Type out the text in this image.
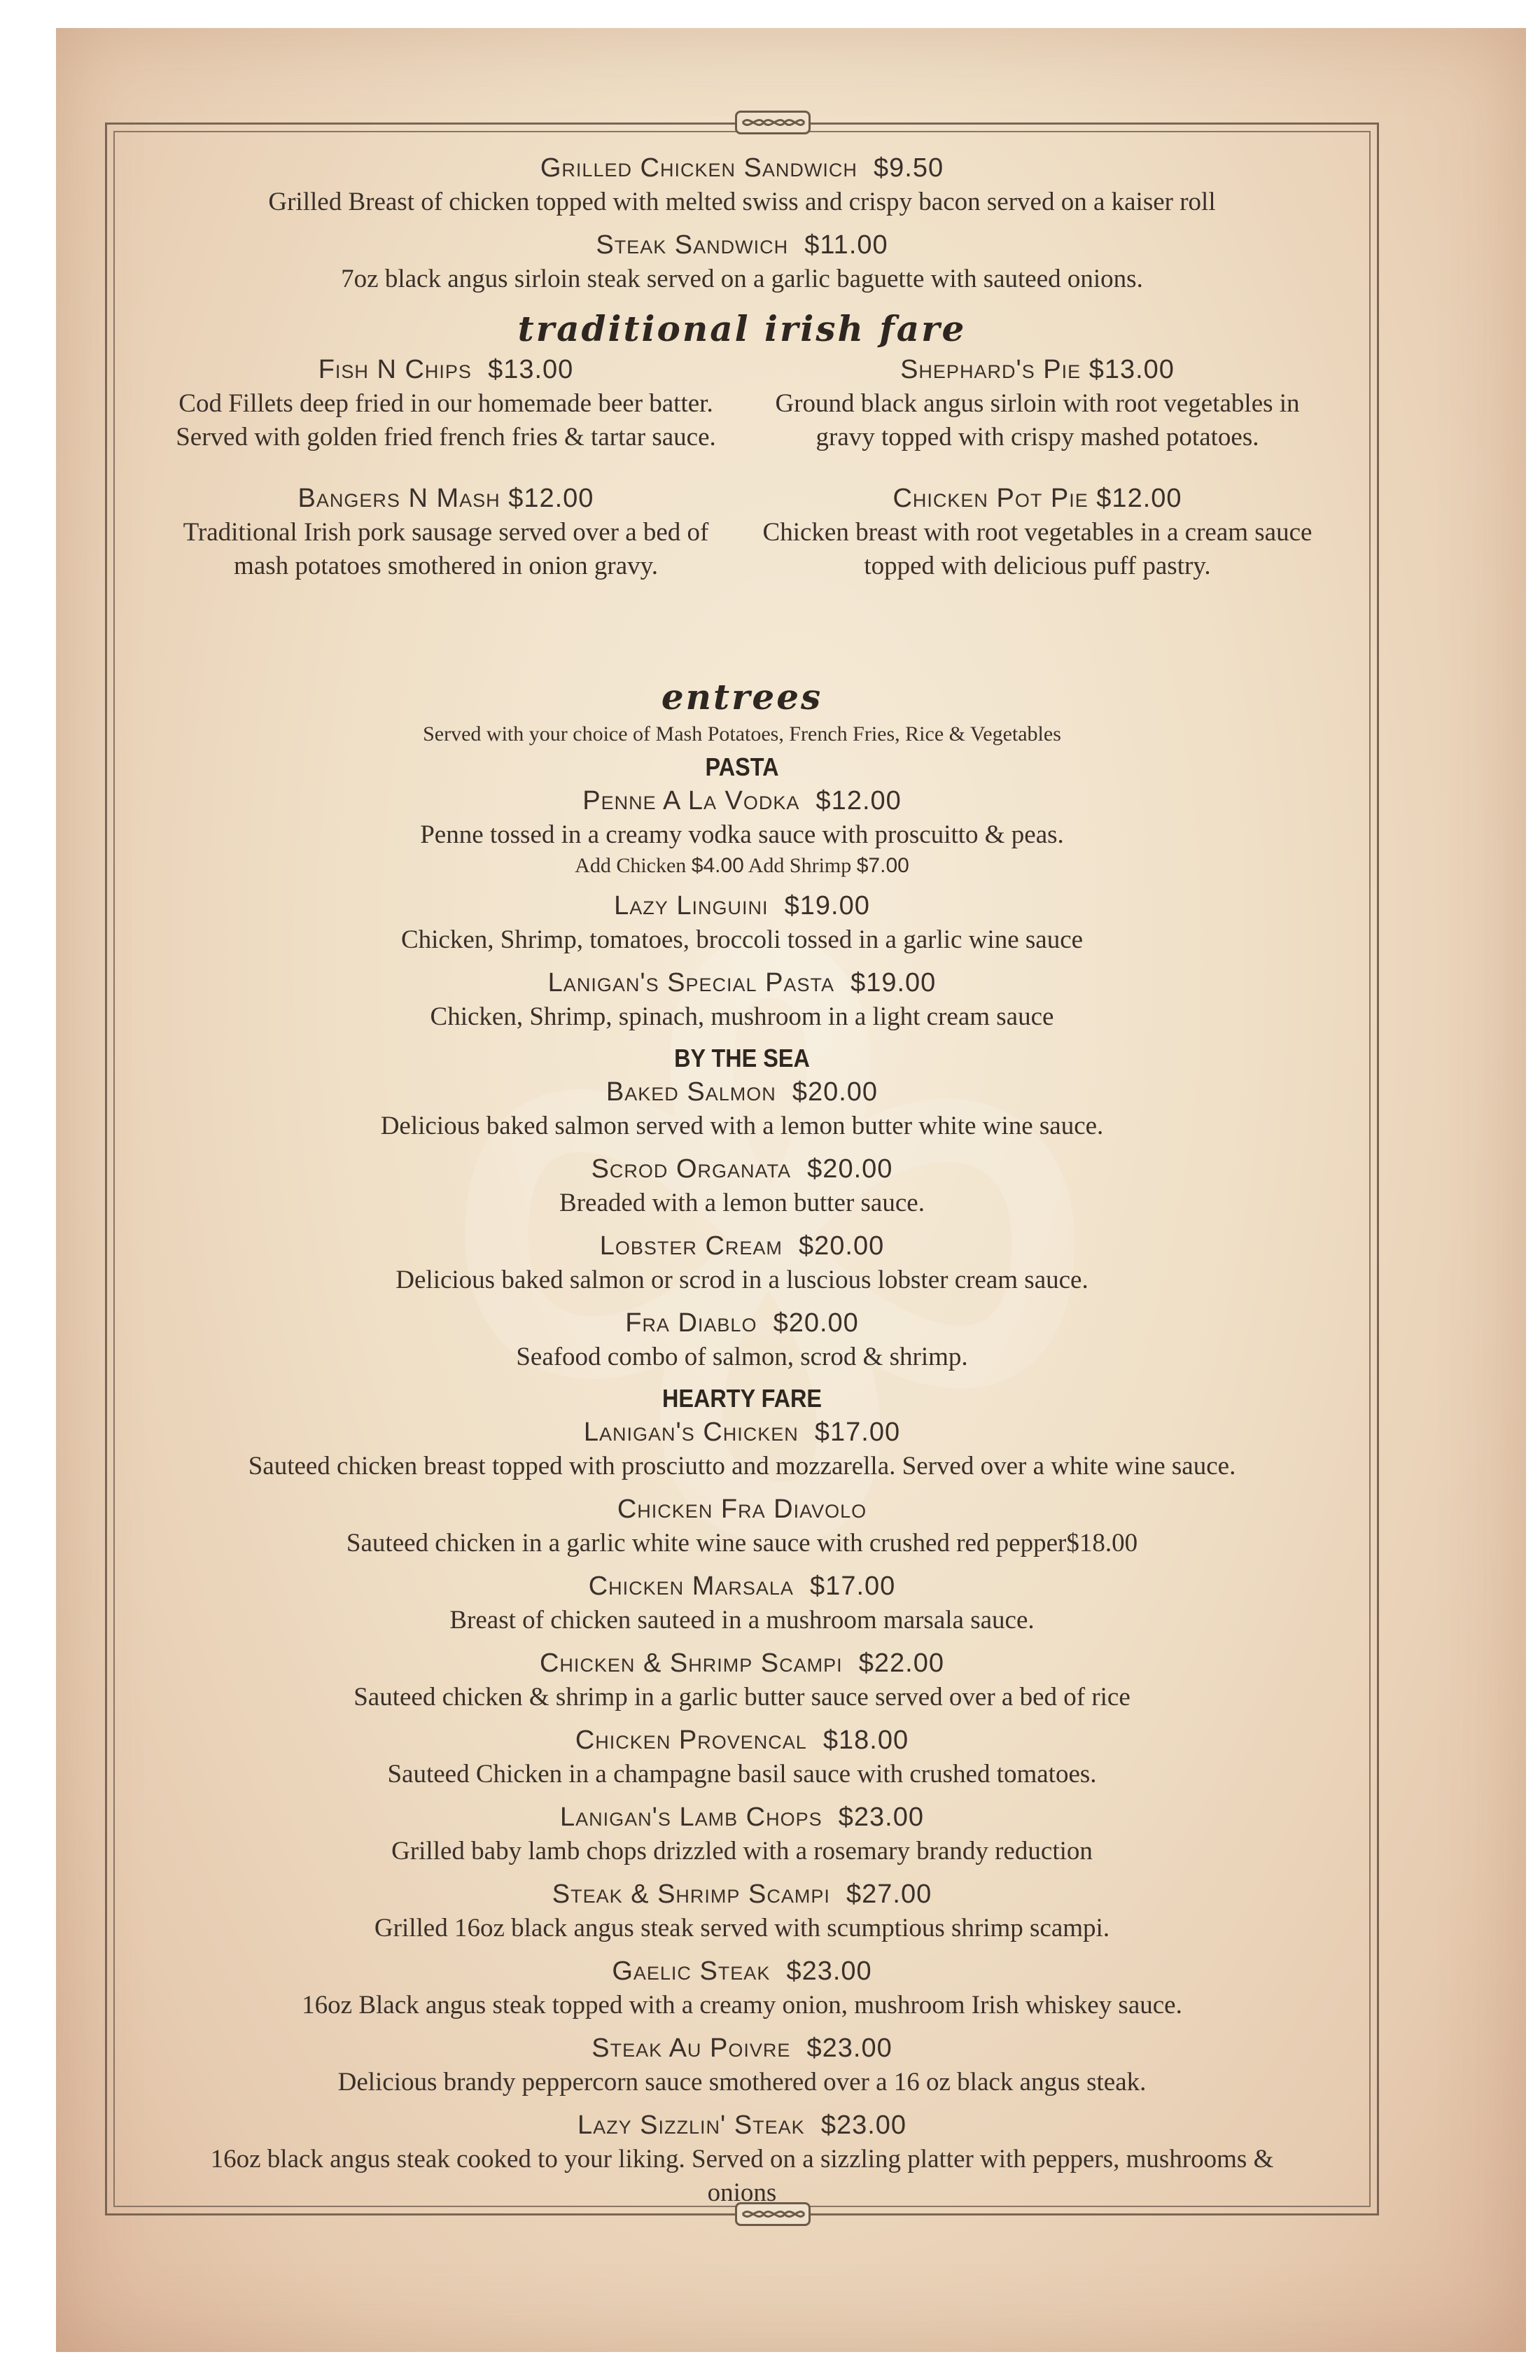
Grilled Chicken Sandwich $9.50

Grilled Breast of chicken topped with melted swiss and crispy bacon served on a kaiser roll

Steak Sandwich $11.00

7oz black angus sirloin steak served on a garlic baguette with sauteed onions.

traditional irish fare

Fish N Chips $13.00

Cod Fillets deep fried in our homemade beer batter. Served with golden fried french fries & tartar sauce.

Bangers N Mash $12.00

Traditional Irish pork sausage served over a bed of mash potatoes smothered in onion gravy.

Shephard's Pie $13.00

Ground black angus sirloin with root vegetables in gravy topped with crispy mashed potatoes.

Chicken Pot Pie $12.00

Chicken breast with root vegetables in a cream sauce topped with delicious puff pastry.

entrees

Served with your choice of Mash Potatoes, French Fries, Rice & Vegetables

PASTA

Penne A La Vodka $12.00

Penne tossed in a creamy vodka sauce with proscuitto & peas.

Add Chicken $4.00 Add Shrimp $7.00

Lazy Linguini $19.00

Chicken, Shrimp, tomatoes, broccoli tossed in a garlic wine sauce

Lanigan's Special Pasta $19.00

Chicken, Shrimp, spinach, mushroom in a light cream sauce

BY THE SEA

Baked Salmon $20.00

Delicious baked salmon served with a lemon butter white wine sauce.

Scrod Organata $20.00

Breaded with a lemon butter sauce.

Lobster Cream $20.00

Delicious baked salmon or scrod in a luscious lobster cream sauce.

Fra Diablo $20.00

Seafood combo of salmon, scrod & shrimp.

HEARTY FARE

Lanigan's Chicken $17.00

Sauteed chicken breast topped with prosciutto and mozzarella. Served over a white wine sauce.

Chicken Fra Diavolo

Sauteed chicken in a garlic white wine sauce with crushed red pepper$18.00

Chicken Marsala $17.00

Breast of chicken sauteed in a mushroom marsala sauce.

Chicken & Shrimp Scampi $22.00

Sauteed chicken & shrimp in a garlic butter sauce served over a bed of rice

Chicken Provencal $18.00

Sauteed Chicken in a champagne basil sauce with crushed tomatoes.

Lanigan's Lamb Chops $23.00

Grilled baby lamb chops drizzled with a rosemary brandy reduction

Steak & Shrimp Scampi $27.00

Grilled 16oz black angus steak served with scumptious shrimp scampi.

Gaelic Steak $23.00

16oz Black angus steak topped with a creamy onion, mushroom Irish whiskey sauce.

Steak Au Poivre $23.00

Delicious brandy peppercorn sauce smothered over a 16 oz black angus steak.

Lazy Sizzlin' Steak $23.00

16oz black angus steak cooked to your liking. Served on a sizzling platter with peppers, mushrooms & onions
